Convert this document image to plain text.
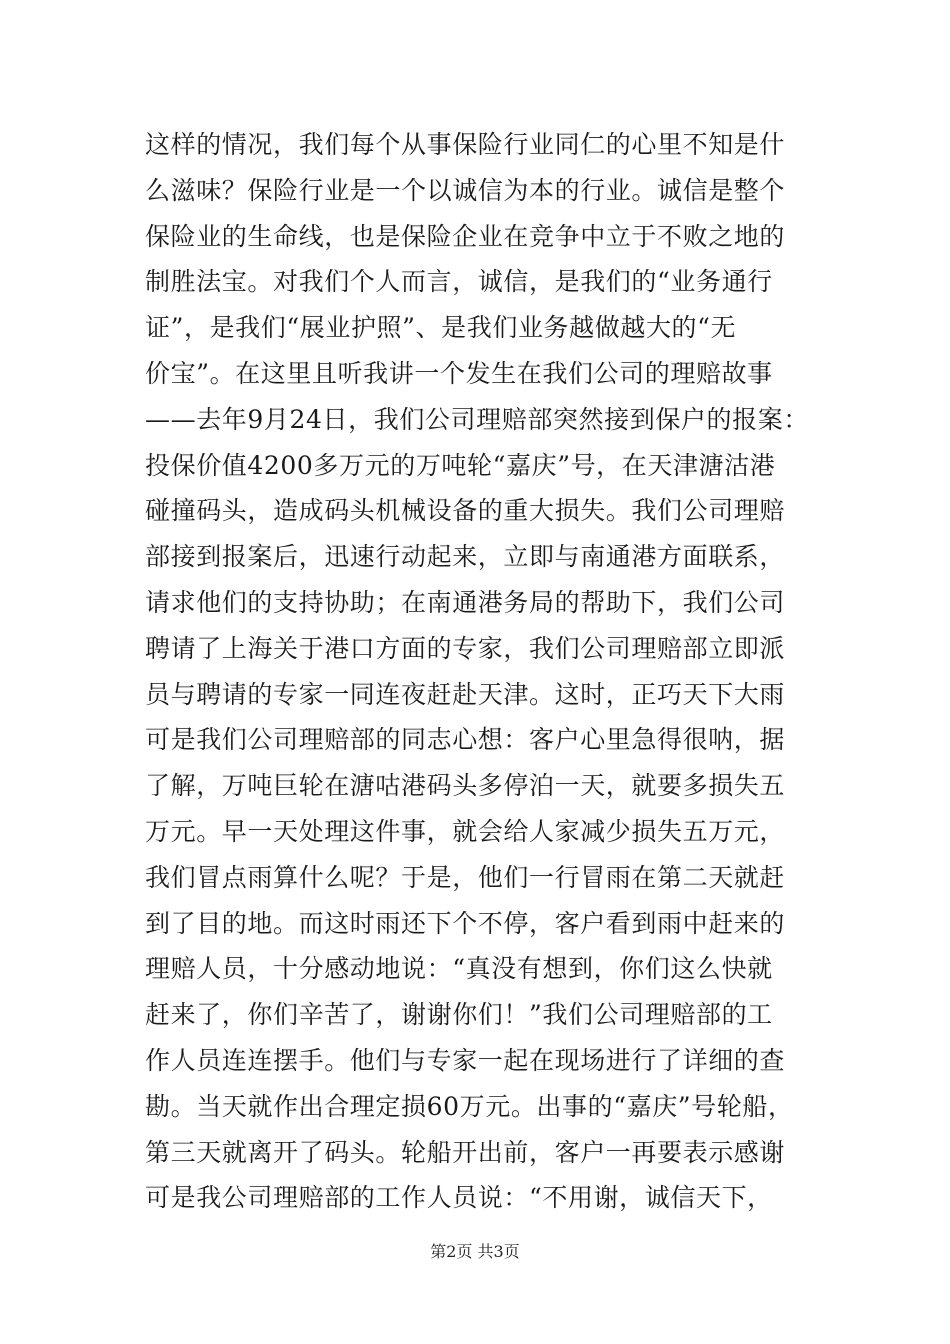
这样的情况，我们每个从事保险行业同仁的心里不知是什
么滋味？保险行业是一个以诚信为本的行业。诚信是整个
保险业的生命线，也是保险企业在竞争中立于不败之地的
制胜法宝。对我们个人而言，诚信，是我们的“业务通行
证”，是我们“展业护照”、是我们业务越做越大的“无
价宝”。在这里且听我讲一个发生在我们公司的理赔故事
——去年9月24日，我们公司理赔部突然接到保户的报案：
投保价值4200多万元的万吨轮“嘉庆”号，在天津溏沽港
碰撞码头，造成码头机械设备的重大损失。我们公司理赔
部接到报案后，迅速行动起来，立即与南通港方面联系，
请求他们的支持协助；在南通港务局的帮助下，我们公司
聘请了上海关于港口方面的专家，我们公司理赔部立即派
员与聘请的专家一同连夜赶赴天津。这时，正巧天下大雨
可是我们公司理赔部的同志心想：客户心里急得很呐，据
了解，万吨巨轮在溏咕港码头多停泊一天，就要多损失五
万元。早一天处理这件事，就会给人家减少损失五万元，
我们冒点雨算什么呢？于是，他们一行冒雨在第二天就赶
到了目的地。而这时雨还下个不停，客户看到雨中赶来的
理赔人员，十分感动地说：“真没有想到，你们这么快就
赶来了，你们辛苦了，谢谢你们！”我们公司理赔部的工
作人员连连摆手。他们与专家一起在现场进行了详细的查
勘。当天就作出合理定损60万元。出事的“嘉庆”号轮船，
第三天就离开了码头。轮船开出前，客户一再要表示感谢
可是我公司理赔部的工作人员说：“不用谢，诚信天下，
第2页 共3页
